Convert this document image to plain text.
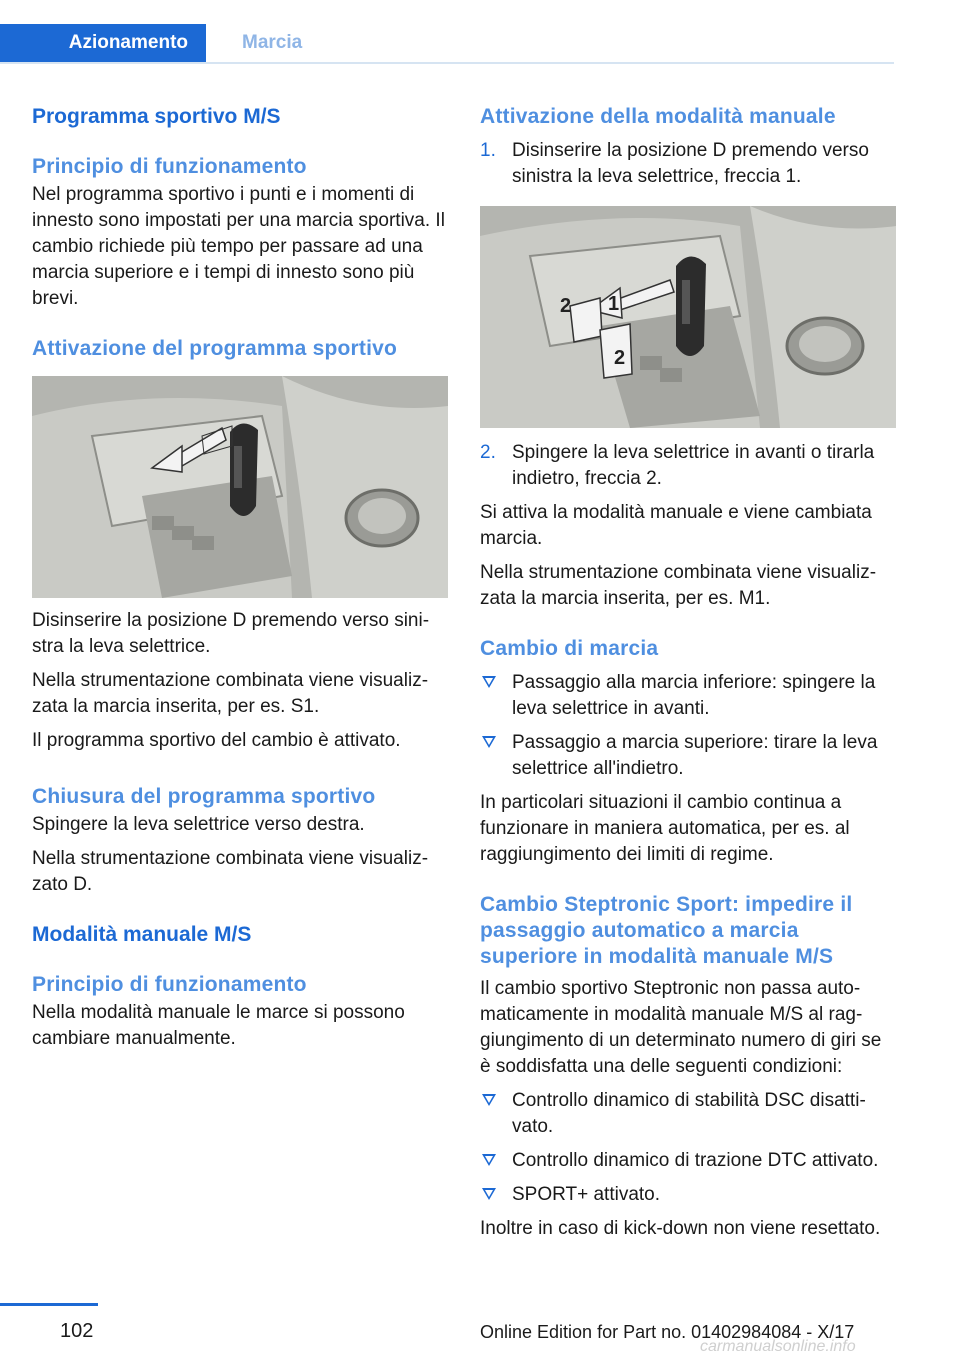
Azionamento	Marcia
Programma sportivo M/S
Principio di funzionamento

Nel programma sportivo i punti e i momenti di innesto sono impostati per una marcia sportiva. Il cambio richiede più tempo per passare ad una marcia superiore e i tempi di innesto sono più brevi.

Attivazione del programma sportivo

Disinserire la posizione D premendo verso sinistra la leva selettrice.

Nella strumentazione combinata viene visualizzata la marcia inserita, per es. S1.

Il programma sportivo del cambio è attivato.

Chiusura del programma sportivo

Spingere la leva selettrice verso destra.

Nella strumentazione combinata viene visualizzato D.

Modalità manuale M/S
Principio di funzionamento

Nella modalità manuale le marce si possono cambiare manualmente.

Attivazione della modalità manuale
1. Disinserire la posizione D premendo verso sinistra la leva selettrice, freccia 1.
1
2
2
2. Spingere la leva selettrice in avanti o tirarla indietro, freccia 2.

Si attiva la modalità manuale e viene cambiata marcia.

Nella strumentazione combinata viene visualizzata la marcia inserita, per es. M1.

Cambio di marcia
Passaggio alla marcia inferiore: spingere la leva selettrice in avanti.
Passaggio a marcia superiore: tirare la leva selettrice all'indietro.

In particolari situazioni il cambio continua a funzionare in maniera automatica, per es. al raggiungimento dei limiti di regime.

Cambio Steptronic Sport: impedire il passaggio automatico a marcia superiore in modalità manuale M/S

Il cambio sportivo Steptronic non passa automaticamente in modalità manuale M/S al raggiungimento di un determinato numero di giri se è soddisfatta una delle seguenti condizioni:

Controllo dinamico di stabilità DSC disattivato.
Controllo dinamico di trazione DTC attivato.
SPORT+ attivato.

Inoltre in caso di kick-down non viene resettato.

102	Online Edition for Part no. 01402984084 - X/17
carmanualsonline.info
